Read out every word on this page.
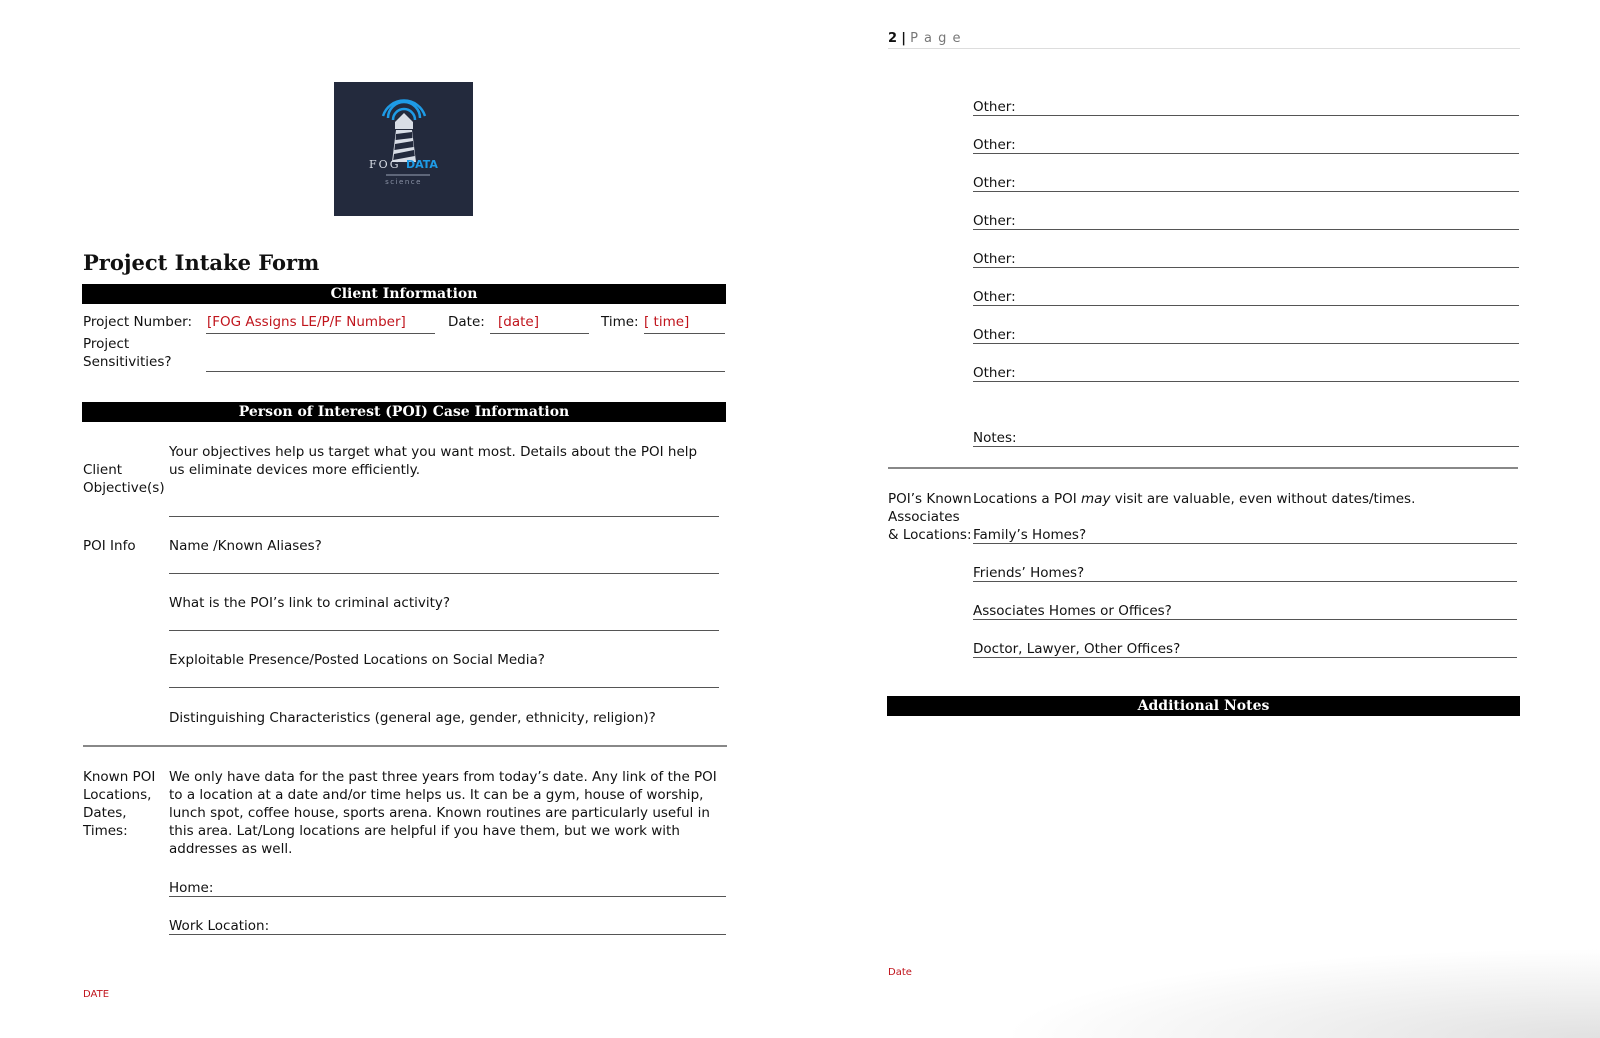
FOG DATA
science
Project Intake Form
Client Information
Project Number: [FOG Assigns LE/P/F Number]	Date: [date]	Time: [ time]
Project
Sensitivities?
Person of Interest (POI) Case Information
Client
Objective(s)
Your objectives help us target what you want most. Details about the POI help us eliminate devices more efficiently.
POI Info Name /Known Aliases?
What is the POI’s link to criminal activity?
Exploitable Presence/Posted Locations on Social Media?
Distinguishing Characteristics (general age, gender, ethnicity, religion)?
Known POI
Locations,
Dates,
Times:
We only have data for the past three years from today’s date. Any link of the POI to a location at a date and/or time helps us. It can be a gym, house of worship, lunch spot, coffee house, sports arena. Known routines are particularly useful in this area. Lat/Long locations are helpful if you have them, but we work with addresses as well.
Home:
Work Location:
DATE
2 | P a g e
Other:
Other:
Other:
Other:
Other:
Other:
Other:
Other:
Notes:
POI’s Known
Associates
& Locations:
Locations a POI may visit are valuable, even without dates/times.
Family’s Homes?
Friends’ Homes?
Associates Homes or Offices?
Doctor, Lawyer, Other Offices?
Additional Notes
Date
